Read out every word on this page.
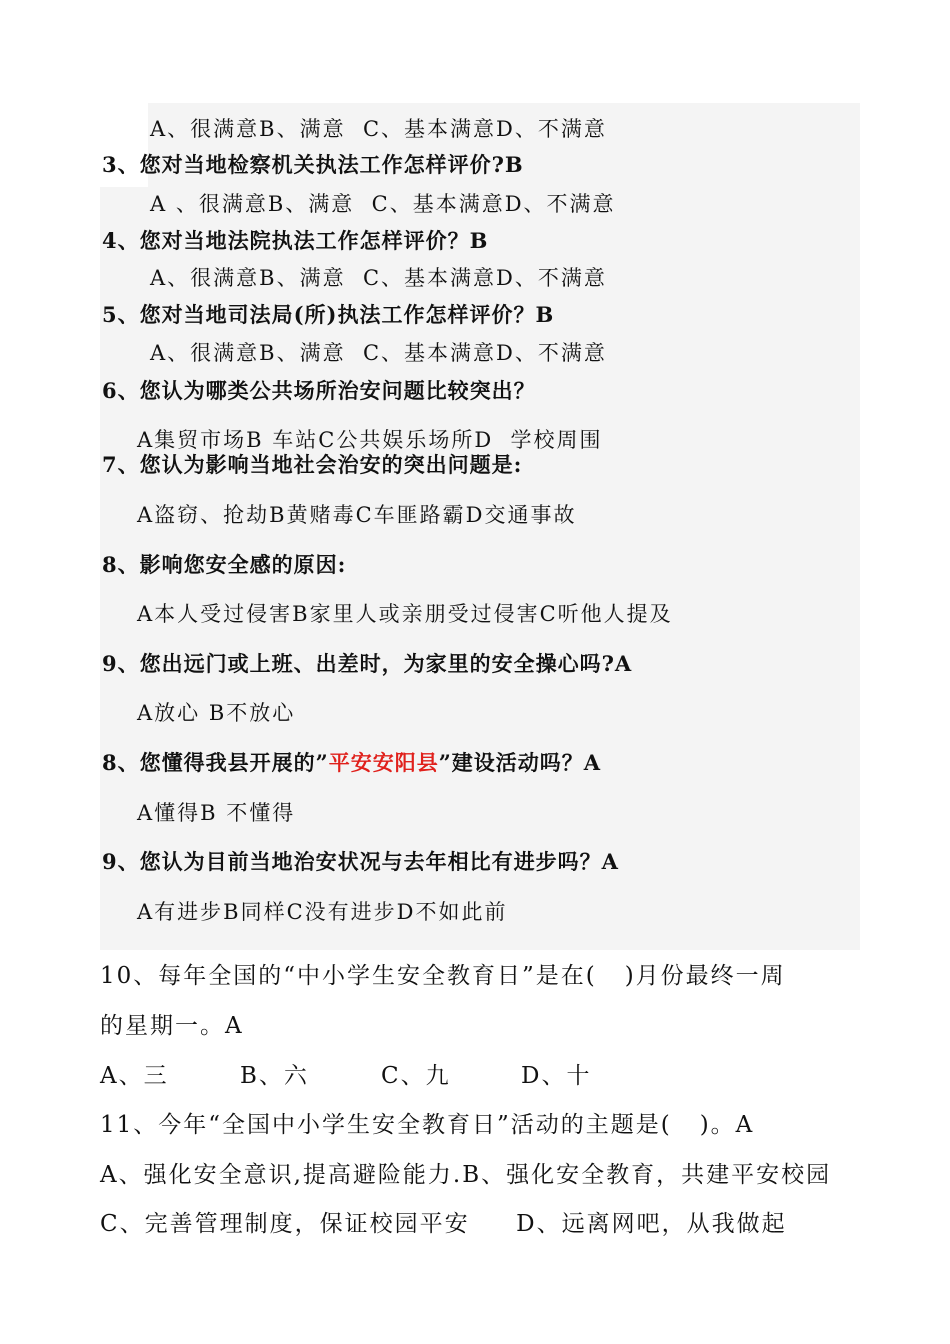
A、很满意B、满意  C、基本满意D、不满意
3、您对当地检察机关执法工作怎样评价?B
A 、很满意B、满意  C、基本满意D、不满意
4、您对当地法院执法工作怎样评价？B
A、很满意B、满意  C、基本满意D、不满意
5、您对当地司法局(所)执法工作怎样评价？B
A、很满意B、满意  C、基本满意D、不满意
6、您认为哪类公共场所治安问题比较突出？
A集贸市场B 车站C公共娱乐场所D  学校周围
7、您认为影响当地社会治安的突出问题是:
A盗窃、抢劫B黄赌毒C车匪路霸D交通事故
8、影响您安全感的原因:
A本人受过侵害B家里人或亲朋受过侵害C听他人提及
9、您出远门或上班、出差时，为家里的安全操心吗?A
A放心 B不放心
8、您懂得我县开展的”平安安阳县”建设活动吗？A
A懂得B 不懂得
9、您认为目前当地治安状况与去年相比有进步吗？A
A有进步B同样C没有进步D不如此前
10、每年全国的“中小学生安全教育日”是在(   )月份最终一周
的星期一。A
A、三	B、六	C、九	D、十
11、今年“全国中小学生安全教育日”活动的主题是(   )。A
A、强化安全意识,提高避险能力.B、强化安全教育，共建平安校园
C、完善管理制度，保证校园平安     D、远离网吧，从我做起
